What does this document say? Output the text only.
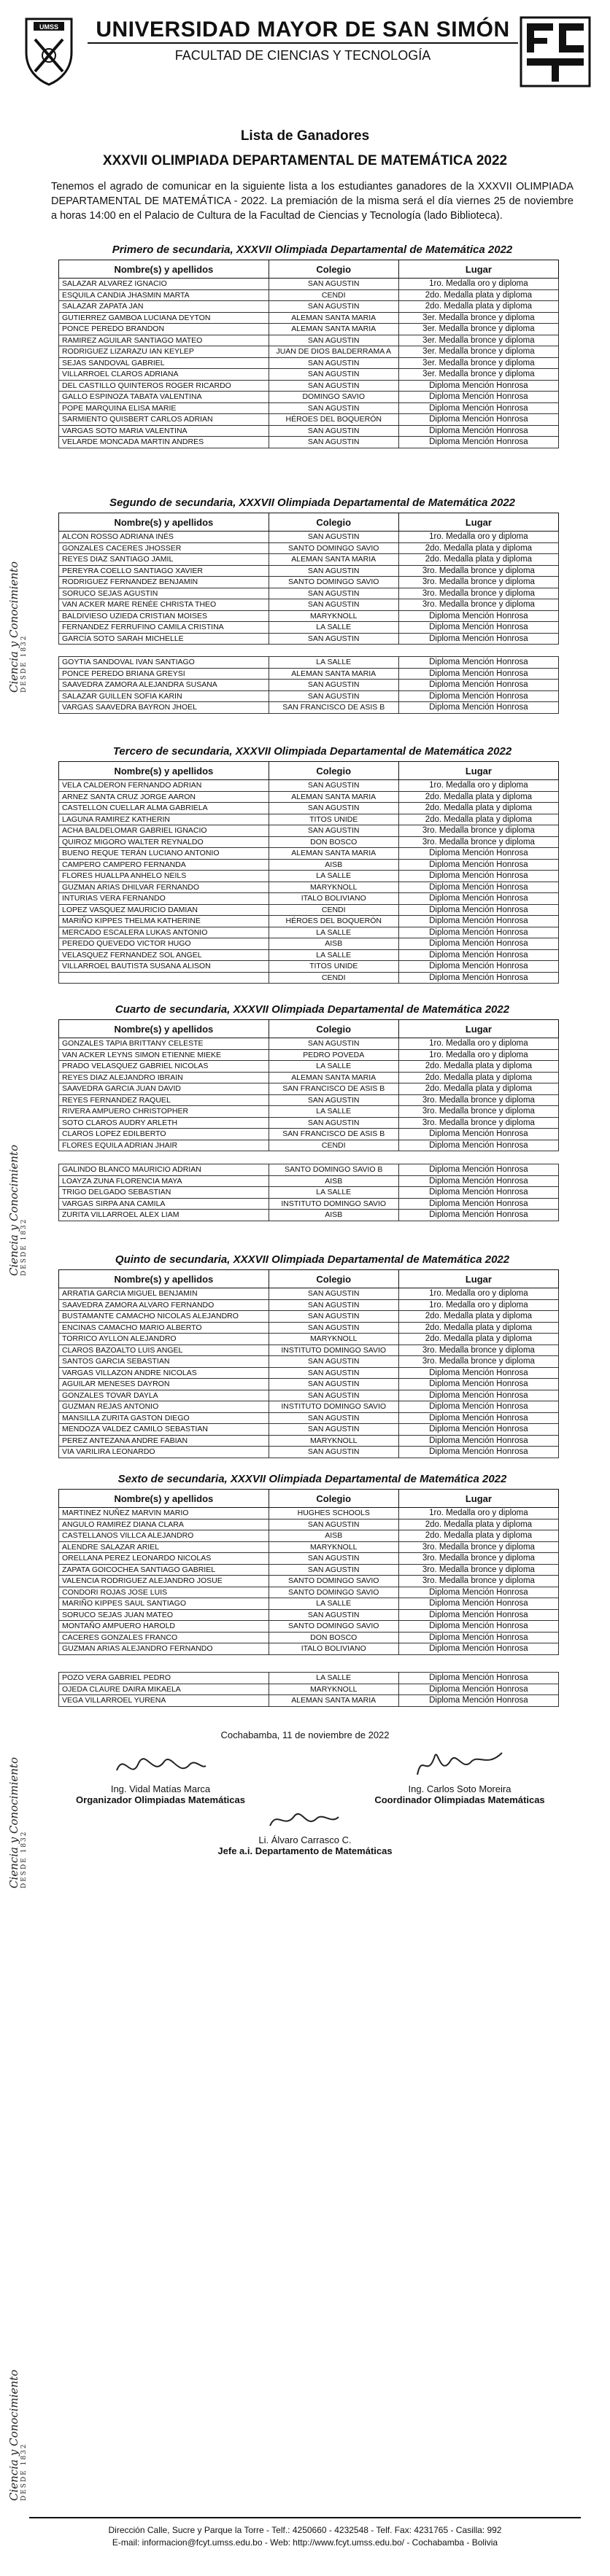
UMSS	UNIVERSIDAD MAYOR DE SAN SIMÓN
FACULTAD DE CIENCIAS Y TECNOLOGÍA
Ciencia y Conocimiento DESDE 1832
Ciencia y Conocimiento DESDE 1832
Ciencia y Conocimiento DESDE 1832
Ciencia y Conocimiento DESDE 1832
Lista de Ganadores
XXXVII OLIMPIADA DEPARTAMENTAL DE MATEMÁTICA 2022
Tenemos el agrado de comunicar en la siguiente lista a los estudiantes ganadores de la XXXVII OLIMPIADA DEPARTAMENTAL DE MATEMÁTICA - 2022. La premiación de la misma será el día viernes 25 de noviembre a horas 14:00 en el Palacio de Cultura de la Facultad de Ciencias y Tecnología (lado Biblioteca).
Primero de secundaria, XXXVII Olimpiada Departamental de Matemática 2022
Nombre(s) y apellidos	Colegio	Lugar
SALAZAR ALVAREZ IGNACIO	SAN AGUSTIN	1ro. Medalla oro y diploma
ESQUILA CANDIA JHASMIN MARTA	CENDI	2do. Medalla plata y diploma
SALAZAR ZAPATA JAN	SAN AGUSTIN	2do. Medalla plata y diploma
GUTIERREZ GAMBOA LUCIANA DEYTON	ALEMAN SANTA MARIA	3er. Medalla bronce y diploma
PONCE PEREDO BRANDON	ALEMAN SANTA MARIA	3er. Medalla bronce y diploma
RAMIREZ AGUILAR SANTIAGO MATEO	SAN AGUSTIN	3er. Medalla bronce y diploma
RODRIGUEZ LIZARAZU IAN KEYLEP	JUAN DE DIOS BALDERRAMA A	3er. Medalla bronce y diploma
SEJAS SANDOVAL GABRIEL	SAN AGUSTIN	3er. Medalla bronce y diploma
VILLARROEL CLAROS ADRIANA	SAN AGUSTIN	3er. Medalla bronce y diploma
DEL CASTILLO QUINTEROS ROGER RICARDO	SAN AGUSTIN	Diploma Mención Honrosa
GALLO ESPINOZA TABATA VALENTINA	DOMINGO SAVIO	Diploma Mención Honrosa
POPE MARQUINA ELISA MARIE	SAN AGUSTIN	Diploma Mención Honrosa
SARMIENTO QUISBERT CARLOS ADRIAN	HÉROES DEL BOQUERÓN	Diploma Mención Honrosa
VARGAS SOTO MARIA VALENTINA	SAN AGUSTIN	Diploma Mención Honrosa
VELARDE MONCADA MARTIN ANDRES	SAN AGUSTIN	Diploma Mención Honrosa
Segundo de secundaria, XXXVII Olimpiada Departamental de Matemática 2022
Nombre(s) y apellidos	Colegio	Lugar
ALCON ROSSO ADRIANA INÉS	SAN AGUSTIN	1ro. Medalla oro y diploma
GONZALES CACERES JHOSSER	SANTO DOMINGO SAVIO	2do. Medalla plata y diploma
REYES DIAZ SANTIAGO JAMIL	ALEMAN SANTA MARIA	2do. Medalla plata y diploma
PEREYRA COELLO SANTIAGO XAVIER	SAN AGUSTIN	3ro. Medalla bronce y diploma
RODRIGUEZ FERNANDEZ BENJAMIN	SANTO DOMINGO SAVIO	3ro. Medalla bronce y diploma
SORUCO SEJAS AGUSTIN	SAN AGUSTIN	3ro. Medalla bronce y diploma
VAN ACKER MARE RENÉE CHRISTA THEO	SAN AGUSTIN	3ro. Medalla bronce y diploma
BALDIVIESO UZIEDA CRISTIAN MOISES	MARYKNOLL	Diploma Mención Honrosa
FERNANDEZ FERRUFINO CAMILA CRISTINA	LA SALLE	Diploma Mención Honrosa
GARCÍA SOTO SARAH MICHELLE	SAN AGUSTIN	Diploma Mención Honrosa
GOYTIA SANDOVAL IVAN SANTIAGO	LA SALLE	Diploma Mención Honrosa
PONCE PEREDO BRIANA GREYSI	ALEMAN SANTA MARIA	Diploma Mención Honrosa
SAAVEDRA ZAMORA ALEJANDRA SUSANA	SAN AGUSTIN	Diploma Mención Honrosa
SALAZAR GUILLEN SOFIA KARIN	SAN AGUSTIN	Diploma Mención Honrosa
VARGAS SAAVEDRA BAYRON JHOEL	SAN FRANCISCO DE ASIS B	Diploma Mención Honrosa
Tercero de secundaria, XXXVII Olimpiada Departamental de Matemática 2022
Nombre(s) y apellidos	Colegio	Lugar
VELA CALDERON FERNANDO ADRIAN	SAN AGUSTIN	1ro. Medalla oro y diploma
ARNEZ SANTA CRUZ JORGE AARON	ALEMAN SANTA MARIA	2do. Medalla plata y diploma
CASTELLON CUELLAR ALMA GABRIELA	SAN AGUSTIN	2do. Medalla plata y diploma
LAGUNA RAMIREZ KATHERIN	TITOS UNIDE	2do. Medalla plata y diploma
ACHA BALDELOMAR GABRIEL IGNACIO	SAN AGUSTIN	3ro. Medalla bronce y diploma
QUIROZ MIGORO WALTER REYNALDO	DON BOSCO	3ro. Medalla bronce y diploma
BUENO REQUE TERÁN LUCIANO ANTONIO	ALEMAN SANTA MARIA	Diploma Mención Honrosa
CAMPERO CAMPERO FERNANDA	AISB	Diploma Mención Honrosa
FLORES HUALLPA ANHELO NEILS	LA SALLE	Diploma Mención Honrosa
GUZMAN ARIAS DHILVAR FERNANDO	MARYKNOLL	Diploma Mención Honrosa
INTURIAS VERA FERNANDO	ITALO BOLIVIANO	Diploma Mención Honrosa
LOPEZ VASQUEZ MAURICIO DAMIAN	CENDI	Diploma Mención Honrosa
MARIÑO KIPPES THELMA KATHERINE	HÉROES DEL BOQUERÓN	Diploma Mención Honrosa
MERCADO ESCALERA LUKAS ANTONIO	LA SALLE	Diploma Mención Honrosa
PEREDO QUEVEDO VICTOR HUGO	AISB	Diploma Mención Honrosa
VELASQUEZ FERNANDEZ SOL ANGEL	LA SALLE	Diploma Mención Honrosa
VILLARROEL BAUTISTA SUSANA ALISON	TITOS UNIDE	Diploma Mención Honrosa
	CENDI	Diploma Mención Honrosa
Cuarto de secundaria, XXXVII Olimpiada Departamental de Matemática 2022
Nombre(s) y apellidos	Colegio	Lugar
GONZALES TAPIA BRITTANY CELESTE	SAN AGUSTIN	1ro. Medalla oro y diploma
VAN ACKER LEYNS SIMON ETIENNE MIEKE	PEDRO POVEDA	1ro. Medalla oro y diploma
PRADO VELASQUEZ GABRIEL NICOLAS	LA SALLE	2do. Medalla plata y diploma
REYES DIAZ ALEJANDRO IBRAIN	ALEMAN SANTA MARIA	2do. Medalla plata y diploma
SAAVEDRA GARCIA JUAN DAVID	SAN FRANCISCO DE ASIS B	2do. Medalla plata y diploma
REYES FERNANDEZ RAQUEL	SAN AGUSTIN	3ro. Medalla bronce y diploma
RIVERA AMPUERO CHRISTOPHER	LA SALLE	3ro. Medalla bronce y diploma
SOTO CLAROS AUDRY ARLETH	SAN AGUSTIN	3ro. Medalla bronce y diploma
CLAROS LOPEZ EDILBERTO	SAN FRANCISCO DE ASIS B	Diploma Mención Honrosa
FLORES EQUILA ADRIAN JHAIR	CENDI	Diploma Mención Honrosa
GALINDO BLANCO MAURICIO ADRIAN	SANTO DOMINGO SAVIO B	Diploma Mención Honrosa
LOAYZA ZUNA FLORENCIA MAYA	AISB	Diploma Mención Honrosa
TRIGO DELGADO SEBASTIAN	LA SALLE	Diploma Mención Honrosa
VARGAS SIRPA ANA CAMILA	INSTITUTO DOMINGO SAVIO	Diploma Mención Honrosa
ZURITA VILLARROEL ALEX LIAM	AISB	Diploma Mención Honrosa
Quinto de secundaria, XXXVII Olimpiada Departamental de Matemática 2022
Nombre(s) y apellidos	Colegio	Lugar
ARRATIA GARCIA MIGUEL BENJAMIN	SAN AGUSTIN	1ro. Medalla oro y diploma
SAAVEDRA ZAMORA ALVARO FERNANDO	SAN AGUSTIN	1ro. Medalla oro y diploma
BUSTAMANTE CAMACHO NICOLAS ALEJANDRO	SAN AGUSTIN	2do. Medalla plata y diploma
ENCINAS CAMACHO MARIO ALBERTO	SAN AGUSTIN	2do. Medalla plata y diploma
TORRICO AYLLON ALEJANDRO	MARYKNOLL	2do. Medalla plata y diploma
CLAROS BAZOALTO LUIS ANGEL	INSTITUTO DOMINGO SAVIO	3ro. Medalla bronce y diploma
SANTOS GARCIA SEBASTIAN	SAN AGUSTIN	3ro. Medalla bronce y diploma
VARGAS VILLAZON ANDRE NICOLAS	SAN AGUSTIN	Diploma Mención Honrosa
AGUILAR MENESES DAYRON	SAN AGUSTIN	Diploma Mención Honrosa
GONZALES TOVAR DAYLA	SAN AGUSTIN	Diploma Mención Honrosa
GUZMAN REJAS ANTONIO	INSTITUTO DOMINGO SAVIO	Diploma Mención Honrosa
MANSILLA ZURITA GASTON DIEGO	SAN AGUSTIN	Diploma Mención Honrosa
MENDOZA VALDEZ CAMILO SEBASTIAN	SAN AGUSTIN	Diploma Mención Honrosa
PEREZ ANTEZANA ANDRE FABIAN	MARYKNOLL	Diploma Mención Honrosa
VIA VARILIRA LEONARDO	SAN AGUSTIN	Diploma Mención Honrosa
Sexto de secundaria, XXXVII Olimpiada Departamental de Matemática 2022
Nombre(s) y apellidos	Colegio	Lugar
MARTINEZ NUÑEZ MARVIN MARIO	HUGHES SCHOOLS	1ro. Medalla oro y diploma
ANGULO RAMIREZ DIANA CLARA	SAN AGUSTIN	2do. Medalla plata y diploma
CASTELLANOS VILLCA ALEJANDRO	AISB	2do. Medalla plata y diploma
ALENDRE SALAZAR ARIEL	MARYKNOLL	3ro. Medalla bronce y diploma
ORELLANA PEREZ LEONARDO NICOLAS	SAN AGUSTIN	3ro. Medalla bronce y diploma
ZAPATA GOICOCHEA SANTIAGO GABRIEL	SAN AGUSTIN	3ro. Medalla bronce y diploma
VALENCIA RODRIGUEZ ALEJANDRO JOSUE	SANTO DOMINGO SAVIO	3ro. Medalla bronce y diploma
CONDORI ROJAS JOSE LUIS	SANTO DOMINGO SAVIO	Diploma Mención Honrosa
MARIÑO KIPPES SAUL SANTIAGO	LA SALLE	Diploma Mención Honrosa
SORUCO SEJAS JUAN MATEO	SAN AGUSTIN	Diploma Mención Honrosa
MONTAÑO AMPUERO HAROLD	SANTO DOMINGO SAVIO	Diploma Mención Honrosa
CACERES GONZALES FRANCO	DON BOSCO	Diploma Mención Honrosa
GUZMAN ARIAS ALEJANDRO FERNANDO	ITALO BOLIVIANO	Diploma Mención Honrosa
POZO VERA GABRIEL PEDRO	LA SALLE	Diploma Mención Honrosa
OJEDA CLAURE DAIRA MIKAELA	MARYKNOLL	Diploma Mención Honrosa
VEGA VILLARROEL YURENA	ALEMAN SANTA MARIA	Diploma Mención Honrosa
Cochabamba, 11 de noviembre de 2022
Ing. Vidal Matías Marca
Organizador Olimpiadas Matemáticas
Ing. Carlos Soto Moreira
Coordinador Olimpiadas Matemáticas
Li. Álvaro Carrasco C.
Jefe a.i. Departamento de Matemáticas
Dirección Calle, Sucre y Parque la Torre - Telf.: 4250660 - 4232548 - Telf. Fax: 4231765 - Casilla: 992
E-mail: informacion@fcyt.umss.edu.bo - Web: http://www.fcyt.umss.edu.bo/ - Cochabamba - Bolivia
